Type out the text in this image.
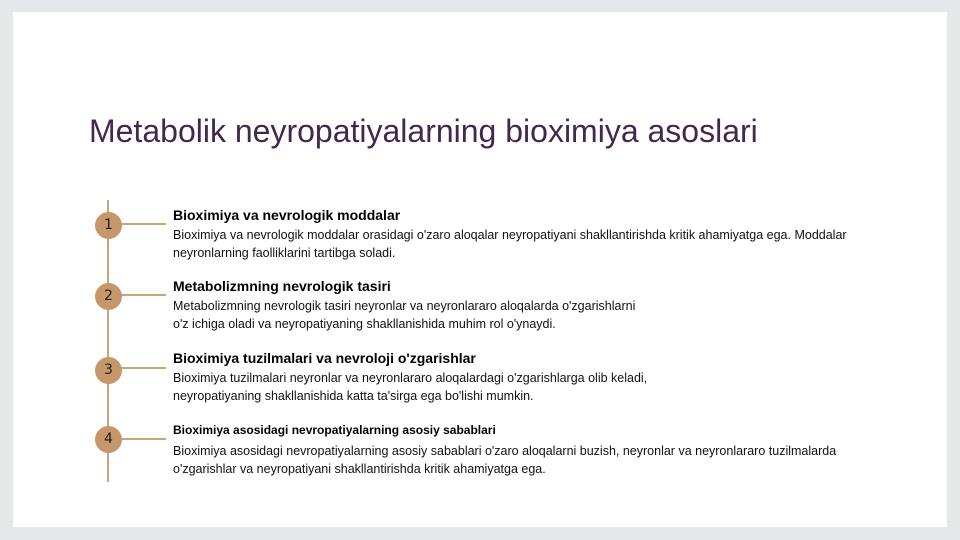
Metabolik neyropatiyalarning bioximiya asoslari
1
Bioximiya va nevrologik moddalar

Bioximiya va nevrologik moddalar orasidagi o'zaro aloqalar neyropatiyani shakllantirishda kritik ahamiyatga ega. Moddalar neyronlarning faolliklarini tartibga soladi.

2
Metabolizmning nevrologik tasiri

Metabolizmning nevrologik tasiri neyronlar va neyronlararo aloqalarda o'zgarishlarni o'z ichiga oladi va neyropatiyaning shakllanishida muhim rol o'ynaydi.

3
Bioximiya tuzilmalari va nevroloji o'zgarishlar

Bioximiya tuzilmalari neyronlar va neyronlararo aloqalardagi o'zgarishlarga olib keladi, neyropatiyaning shakllanishida katta ta'sirga ega bo'lishi mumkin.

4
Bioximiya asosidagi nevropatiyalarning asosiy sabablari

Bioximiya asosidagi nevropatiyalarning asosiy sabablari o'zaro aloqalarni buzish, neyronlar va neyronlararo tuzilmalarda o'zgarishlar va neyropatiyani shakllantirishda kritik ahamiyatga ega.
